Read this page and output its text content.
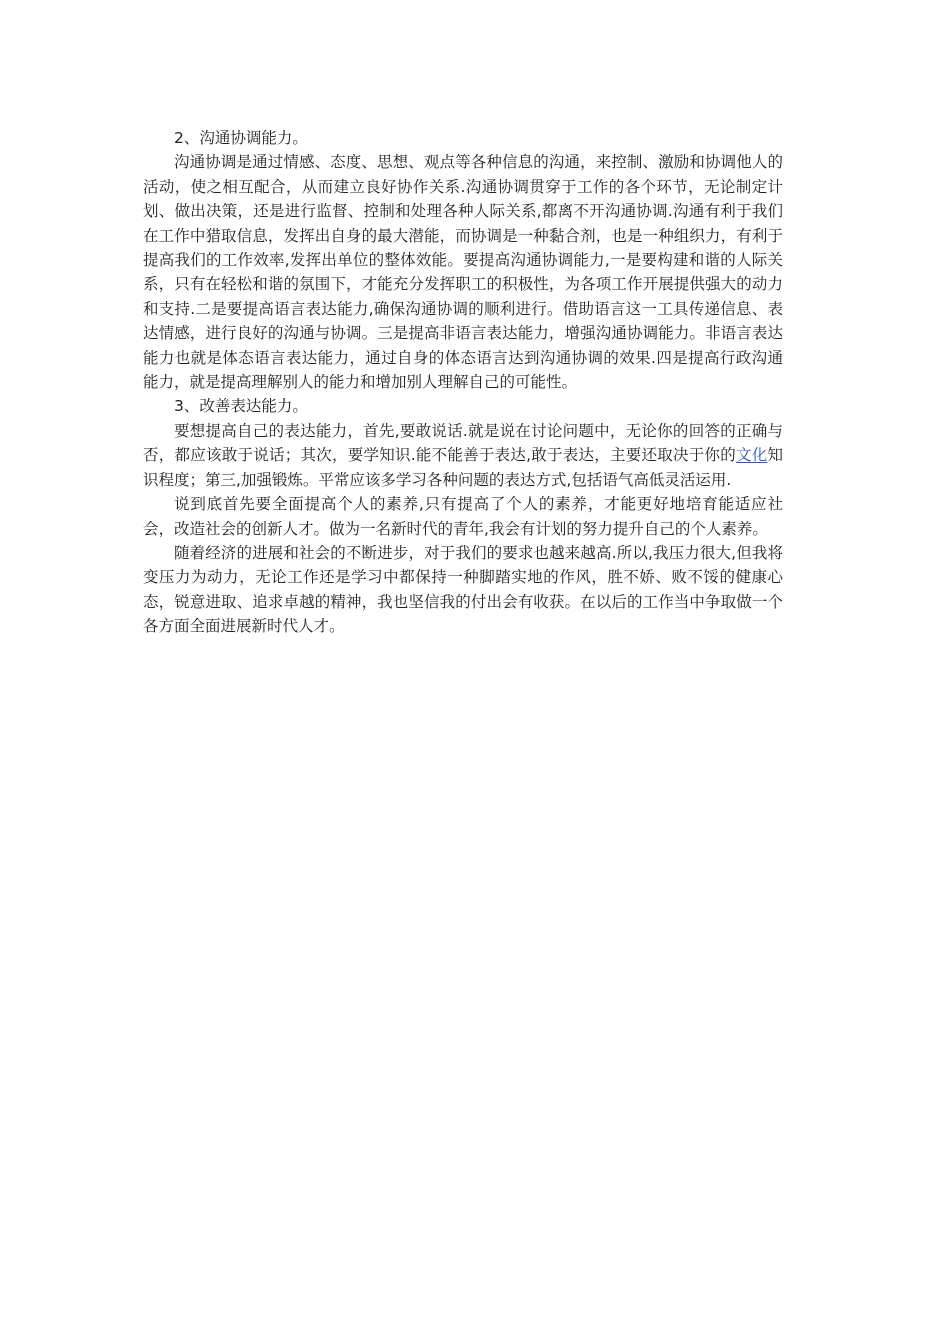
2、沟通协调能力。

沟通协调是通过情感、态度、思想、观点等各种信息的沟通，来控制、激励和协调他人的活动，使之相互配合，从而建立良好协作关系.沟通协调贯穿于工作的各个环节，无论制定计划、做出决策，还是进行监督、控制和处理各种人际关系,都离不开沟通协调.沟通有利于我们在工作中猎取信息，发挥出自身的最大潜能，而协调是一种黏合剂，也是一种组织力，有利于提高我们的工作效率,发挥出单位的整体效能。要提高沟通协调能力,一是要构建和谐的人际关系，只有在轻松和谐的氛围下，才能充分发挥职工的积极性，为各项工作开展提供强大的动力和支持.二是要提高语言表达能力,确保沟通协调的顺利进行。借助语言这一工具传递信息、表达情感，进行良好的沟通与协调。三是提高非语言表达能力，增强沟通协调能力。非语言表达能力也就是体态语言表达能力，通过自身的体态语言达到沟通协调的效果.四是提高行政沟通能力，就是提高理解别人的能力和增加别人理解自己的可能性。

3、改善表达能力。

要想提高自己的表达能力，首先,要敢说话.就是说在讨论问题中，无论你的回答的正确与否，都应该敢于说话；其次，要学知识.能不能善于表达,敢于表达，主要还取决于你的文化知识程度；第三,加强锻炼。平常应该多学习各种问题的表达方式,包括语气高低灵活运用.

说到底首先要全面提高个人的素养,只有提高了个人的素养，才能更好地培育能适应社会，改造社会的创新人才。做为一名新时代的青年,我会有计划的努力提升自己的个人素养。

随着经济的进展和社会的不断进步，对于我们的要求也越来越高.所以,我压力很大,但我将变压力为动力，无论工作还是学习中都保持一种脚踏实地的作风，胜不娇、败不馁的健康心态，锐意进取、追求卓越的精神，我也坚信我的付出会有收获。在以后的工作当中争取做一个各方面全面进展新时代人才。
